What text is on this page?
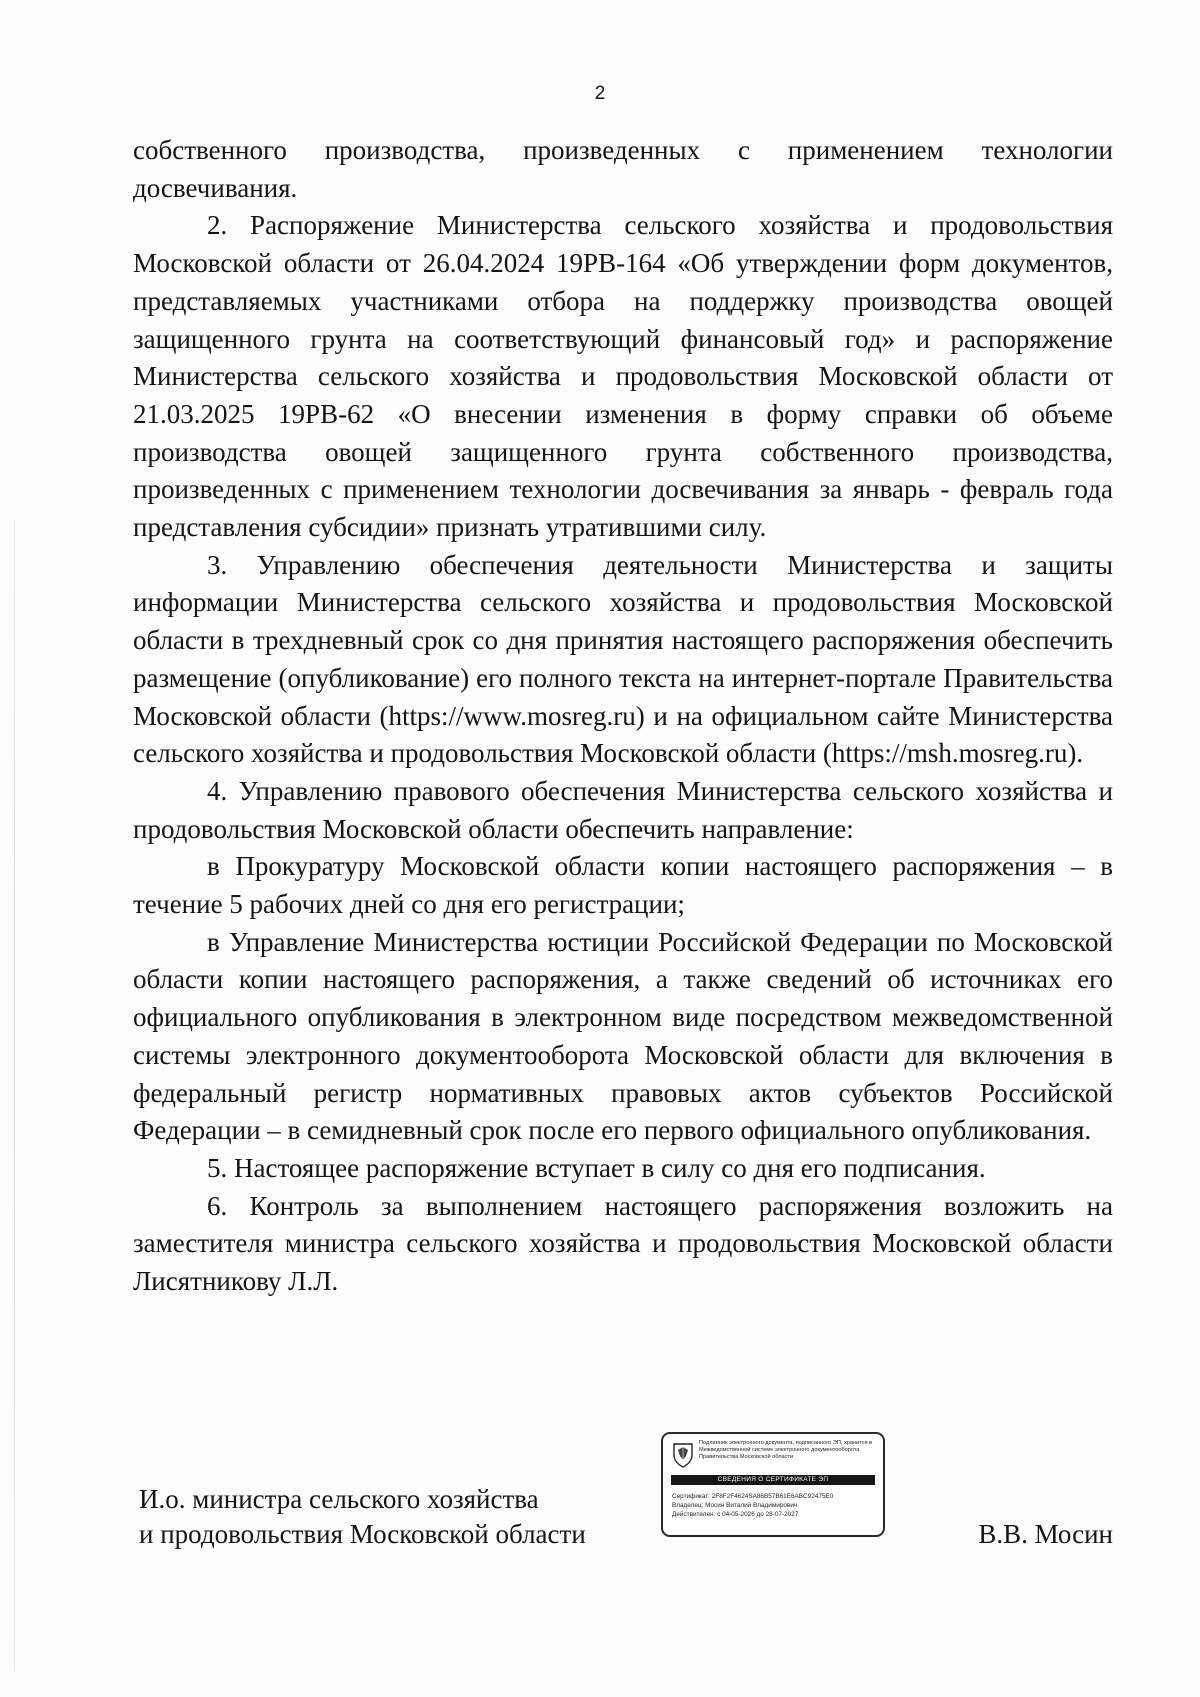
2

собственного производства, произведенных с применением технологии досвечивания.

2. Распоряжение Министерства сельского хозяйства и продовольствия Московской области от 26.04.2024 19РВ-164 «Об утверждении форм документов, представляемых участниками отбора на поддержку производства овощей защищенного грунта на соответствующий финансовый год» и распоряжение Министерства сельского хозяйства и продовольствия Московской области от 21.03.2025 19РВ-62 «О внесении изменения в форму справки об объеме производства овощей защищенного грунта собственного производства, произведенных с применением технологии досвечивания за январь - февраль года представления субсидии» признать утратившими силу.

3. Управлению обеспечения деятельности Министерства и защиты информации Министерства сельского хозяйства и продовольствия Московской области в трехдневный срок со дня принятия настоящего распоряжения обеспечить размещение (опубликование) его полного текста на интернет-портале Правительства Московской области (https://www.mosreg.ru) и на официальном сайте Министерства сельского хозяйства и продовольствия Московской области (https://msh.mosreg.ru).

4. Управлению правового обеспечения Министерства сельского хозяйства и продовольствия Московской области обеспечить направление:

в Прокуратуру Московской области копии настоящего распоряжения – в течение 5 рабочих дней со дня его регистрации;

в Управление Министерства юстиции Российской Федерации по Московской области копии настоящего распоряжения, а также сведений об источниках его официального опубликования в электронном виде посредством межведомственной системы электронного документооборота Московской области для включения в федеральный регистр нормативных правовых актов субъектов Российской Федерации – в семидневный срок после его первого официального опубликования.

5. Настоящее распоряжение вступает в силу со дня его подписания.

6. Контроль за выполнением настоящего распоряжения возложить на заместителя министра сельского хозяйства и продовольствия Московской области Лисятникову Л.Л.

И.о. министра сельского хозяйства
и продовольствия Московской области	В.В. Мосин
Подлинник электронного документа, подписанного ЭП, хранится в Межведомственной системе электронного документооборота Правительства Московской области
СВЕДЕНИЯ О СЕРТИФИКАТЕ ЭП
Сертификат: 2F8F2F4624SA86B57B61E6ABC92475E0
Владелец: Мосин Виталий Владимирович
Действителен: с 04-05-2026 до 28-07-2027
